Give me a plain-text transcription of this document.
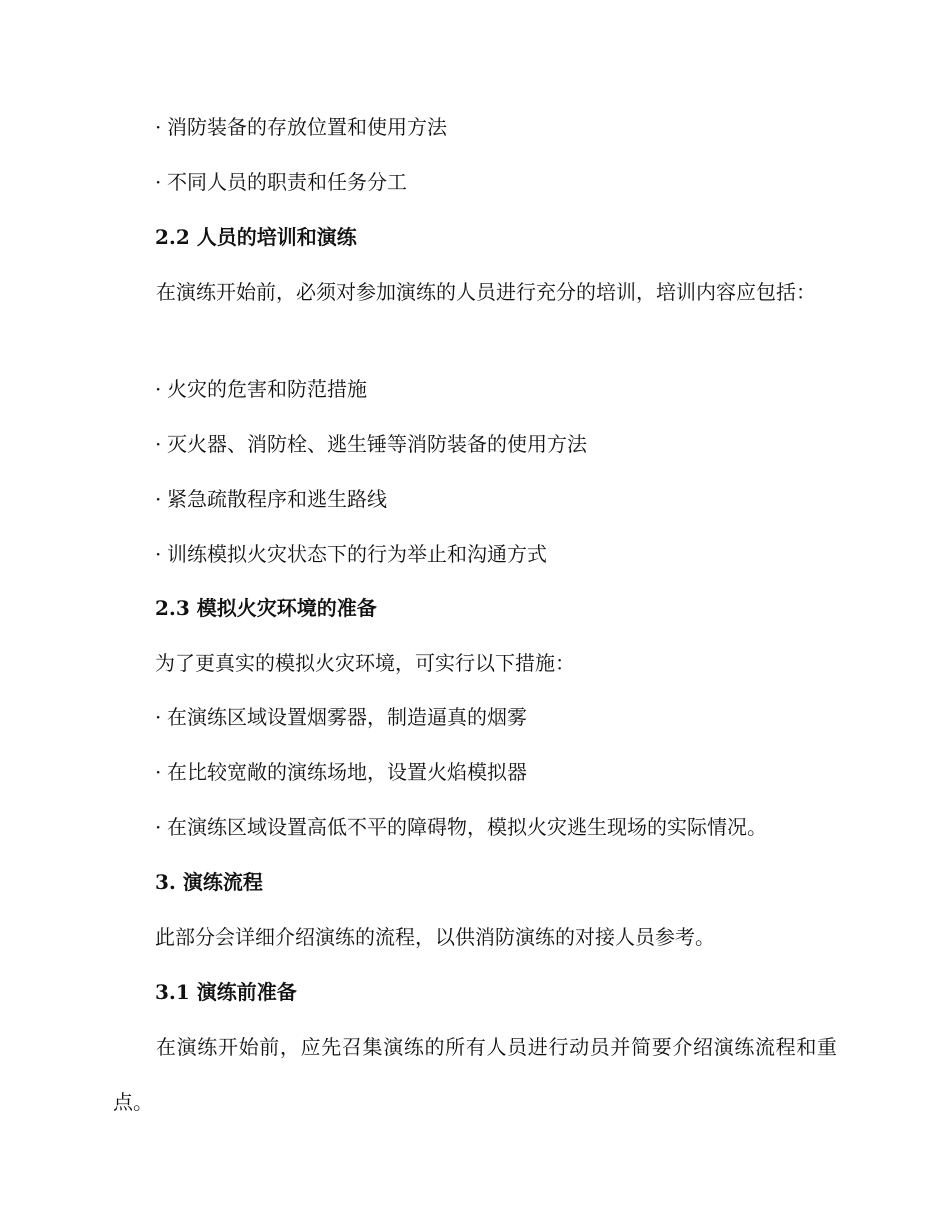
· 消防装备的存放位置和使用方法
· 不同人员的职责和任务分工
2.2 人员的培训和演练
在演练开始前，必须对参加演练的人员进行充分的培训，培训内容应包括：
· 火灾的危害和防范措施
· 灭火器、消防栓、逃生锤等消防装备的使用方法
· 紧急疏散程序和逃生路线
· 训练模拟火灾状态下的行为举止和沟通方式
2.3 模拟火灾环境的准备
为了更真实的模拟火灾环境，可实行以下措施：
· 在演练区域设置烟雾器，制造逼真的烟雾
· 在比较宽敞的演练场地，设置火焰模拟器
· 在演练区域设置高低不平的障碍物，模拟火灾逃生现场的实际情况。
3. 演练流程
此部分会详细介绍演练的流程，以供消防演练的对接人员参考。
3.1 演练前准备
在演练开始前，应先召集演练的所有人员进行动员并简要介绍演练流程和重点。
